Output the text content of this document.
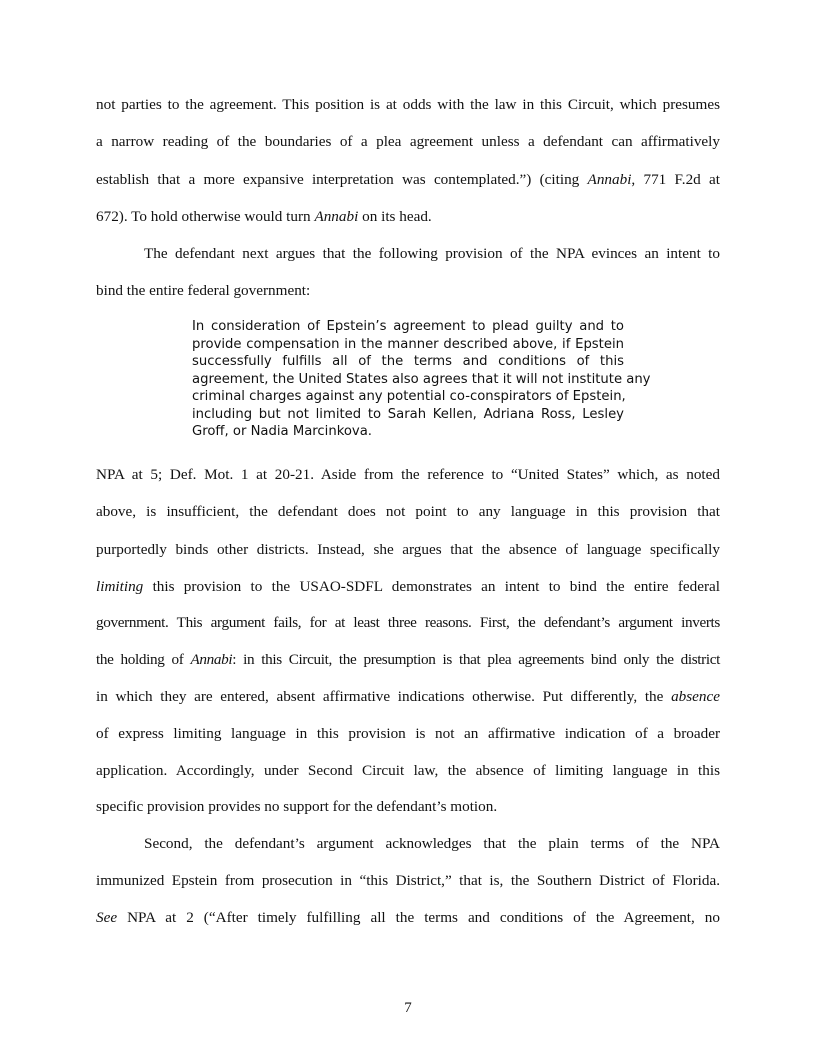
not parties to the agreement. This position is at odds with the law in this Circuit, which presumes
a narrow reading of the boundaries of a plea agreement unless a defendant can affirmatively
establish that a more expansive interpretation was contemplated.”) (citing Annabi, 771 F.2d at
672). To hold otherwise would turn Annabi on its head.
The defendant next argues that the following provision of the NPA evinces an intent to
bind the entire federal government:
In consideration of Epstein’s agreement to plead guilty and to
provide compensation in the manner described above, if Epstein
successfully fulfills all of the terms and conditions of this
agreement, the United States also agrees that it will not institute any
criminal charges against any potential co-conspirators of Epstein,
including but not limited to Sarah Kellen, Adriana Ross, Lesley
Groff, or Nadia Marcinkova.
NPA at 5; Def. Mot. 1 at 20-21. Aside from the reference to “United States” which, as noted
above, is insufficient, the defendant does not point to any language in this provision that
purportedly binds other districts. Instead, she argues that the absence of language specifically
limiting this provision to the USAO-SDFL demonstrates an intent to bind the entire federal
government. This argument fails, for at least three reasons. First, the defendant’s argument inverts
the holding of Annabi: in this Circuit, the presumption is that plea agreements bind only the district
in which they are entered, absent affirmative indications otherwise. Put differently, the absence
of express limiting language in this provision is not an affirmative indication of a broader
application. Accordingly, under Second Circuit law, the absence of limiting language in this
specific provision provides no support for the defendant’s motion.
Second, the defendant’s argument acknowledges that the plain terms of the NPA
immunized Epstein from prosecution in “this District,” that is, the Southern District of Florida.
See NPA at 2 (“After timely fulfilling all the terms and conditions of the Agreement, no
7
